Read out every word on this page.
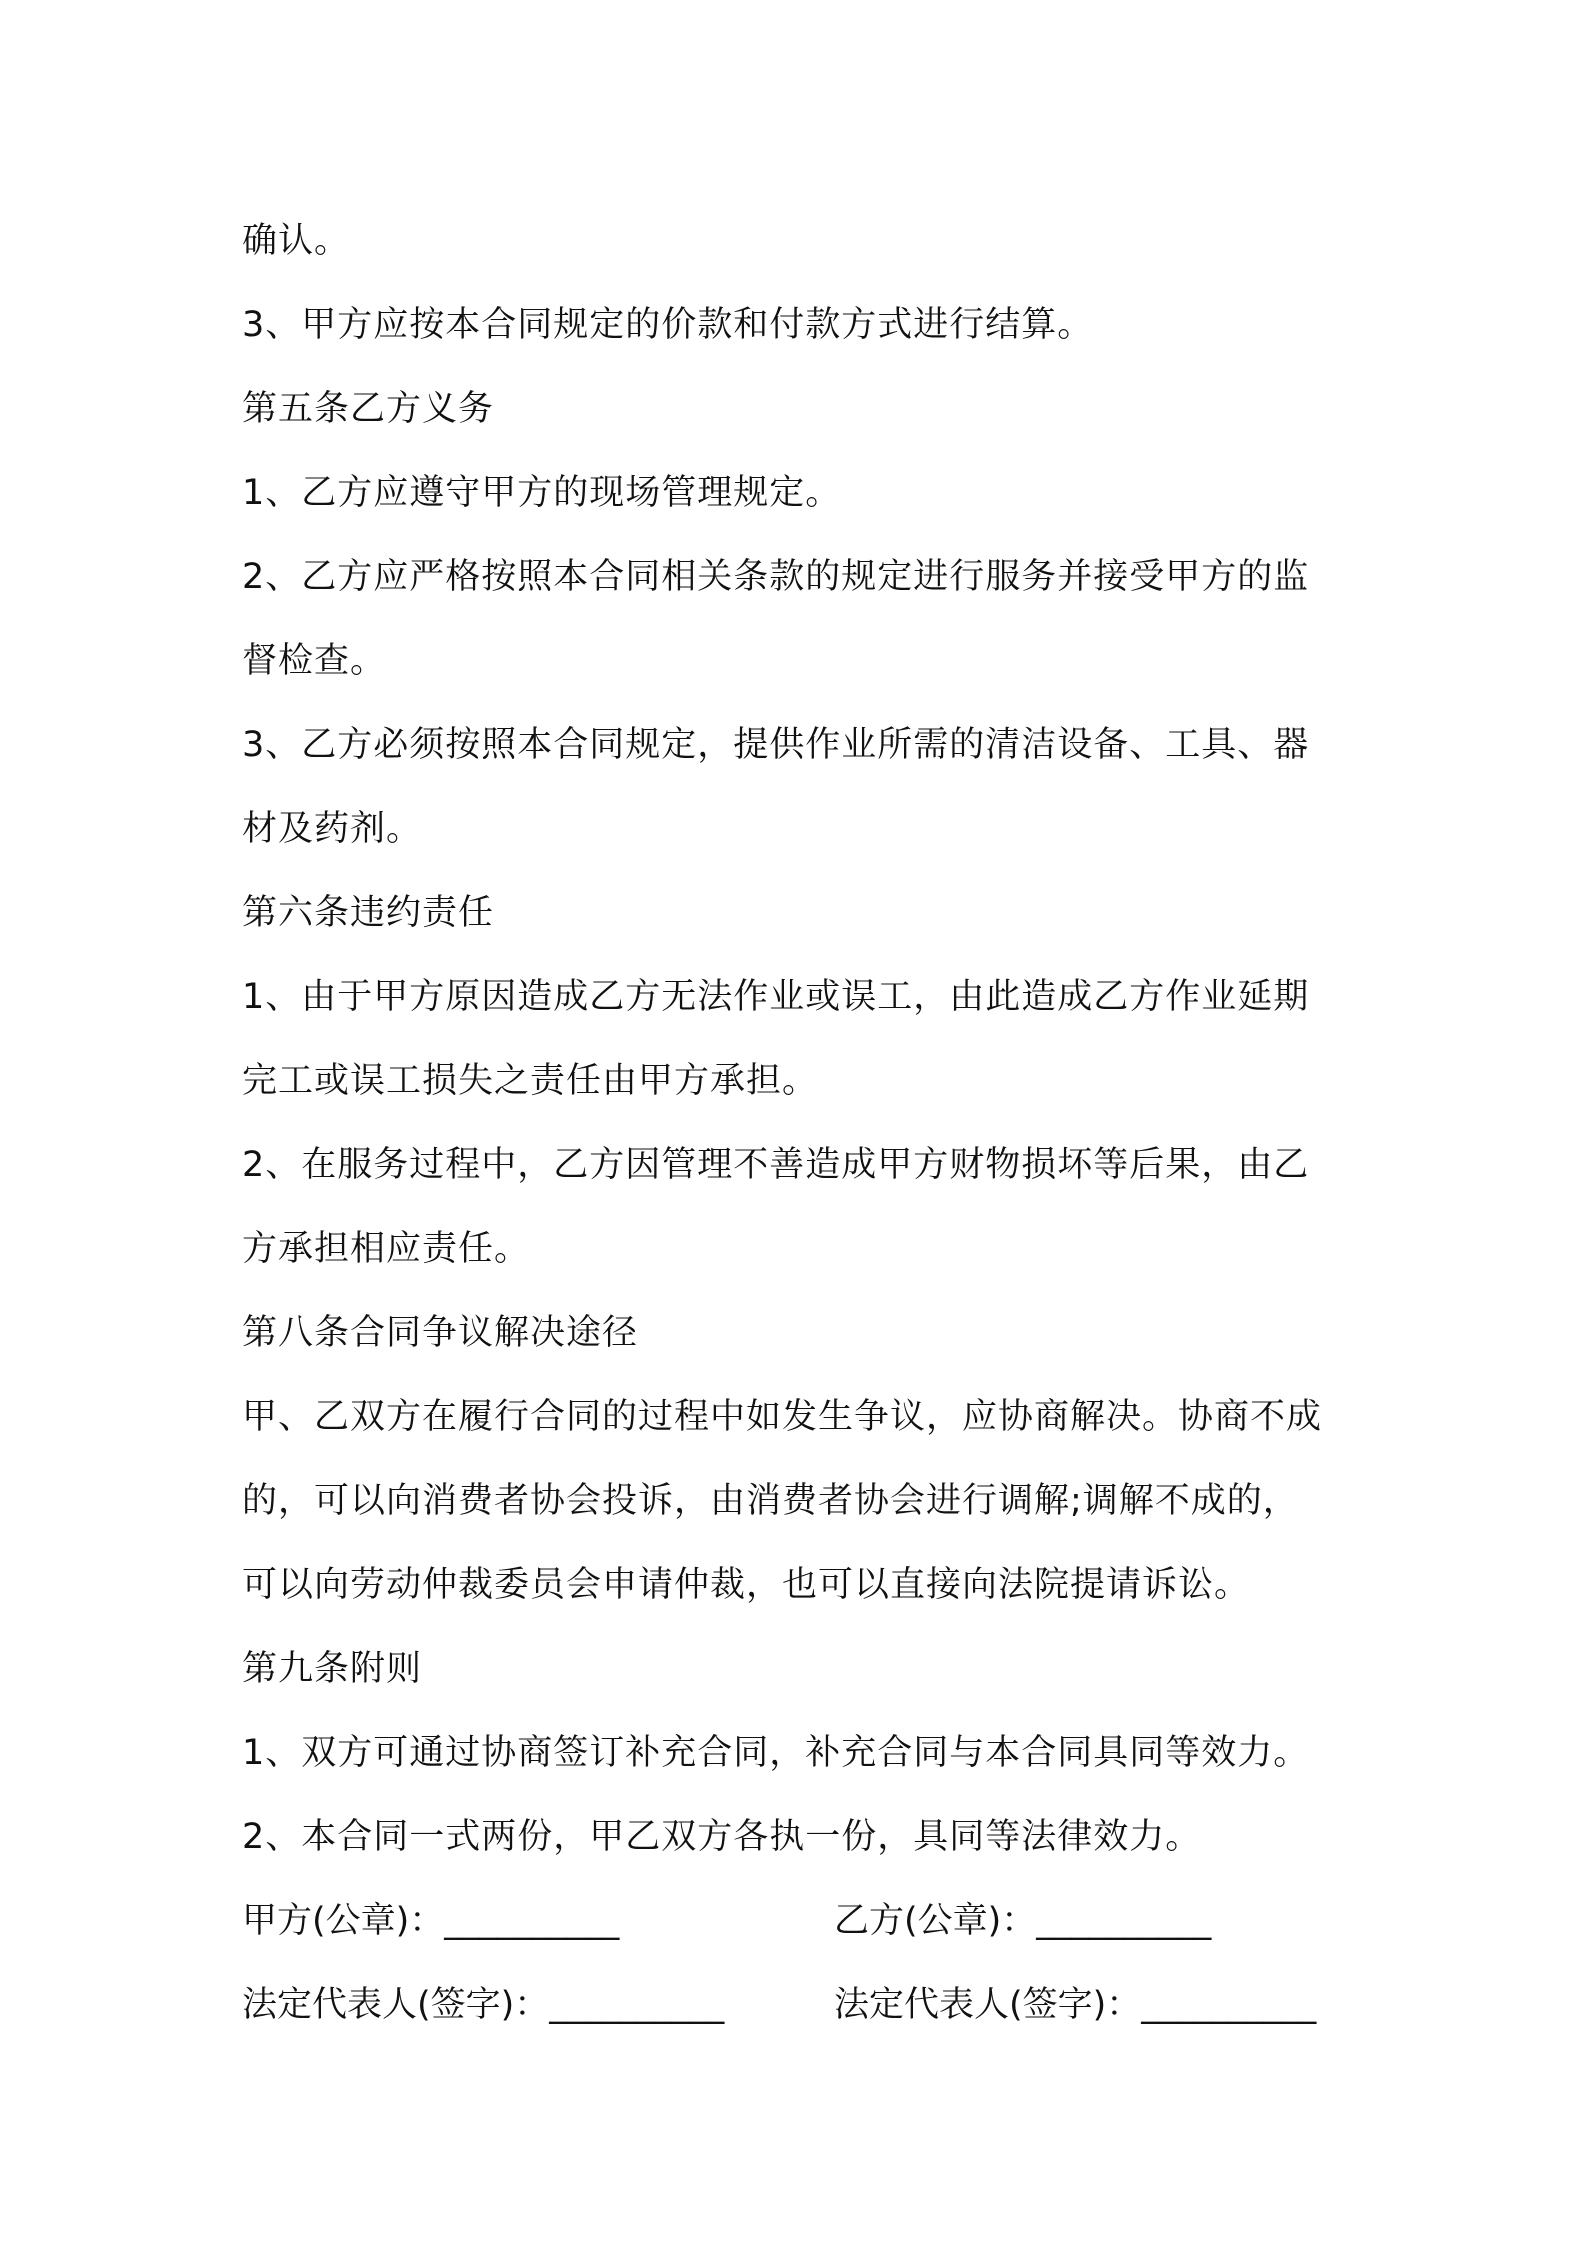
确认。
3、甲方应按本合同规定的价款和付款方式进行结算。
第五条乙方义务
1、乙方应遵守甲方的现场管理规定。
2、乙方应严格按照本合同相关条款的规定进行服务并接受甲方的监
督检查。
3、乙方必须按照本合同规定，提供作业所需的清洁设备、工具、器
材及药剂。
第六条违约责任
1、由于甲方原因造成乙方无法作业或误工，由此造成乙方作业延期
完工或误工损失之责任由甲方承担。
2、在服务过程中，乙方因管理不善造成甲方财物损坏等后果，由乙
方承担相应责任。
第八条合同争议解决途径
甲、乙双方在履行合同的过程中如发生争议，应协商解决。协商不成
的，可以向消费者协会投诉，由消费者协会进行调解;调解不成的，
可以向劳动仲裁委员会申请仲裁，也可以直接向法院提请诉讼。
第九条附则
1、双方可通过协商签订补充合同，补充合同与本合同具同等效力。
2、本合同一式两份，甲乙双方各执一份，具同等法律效力。
甲方(公章)：__________	乙方(公章)：__________
法定代表人(签字)：__________	法定代表人(签字)：__________
